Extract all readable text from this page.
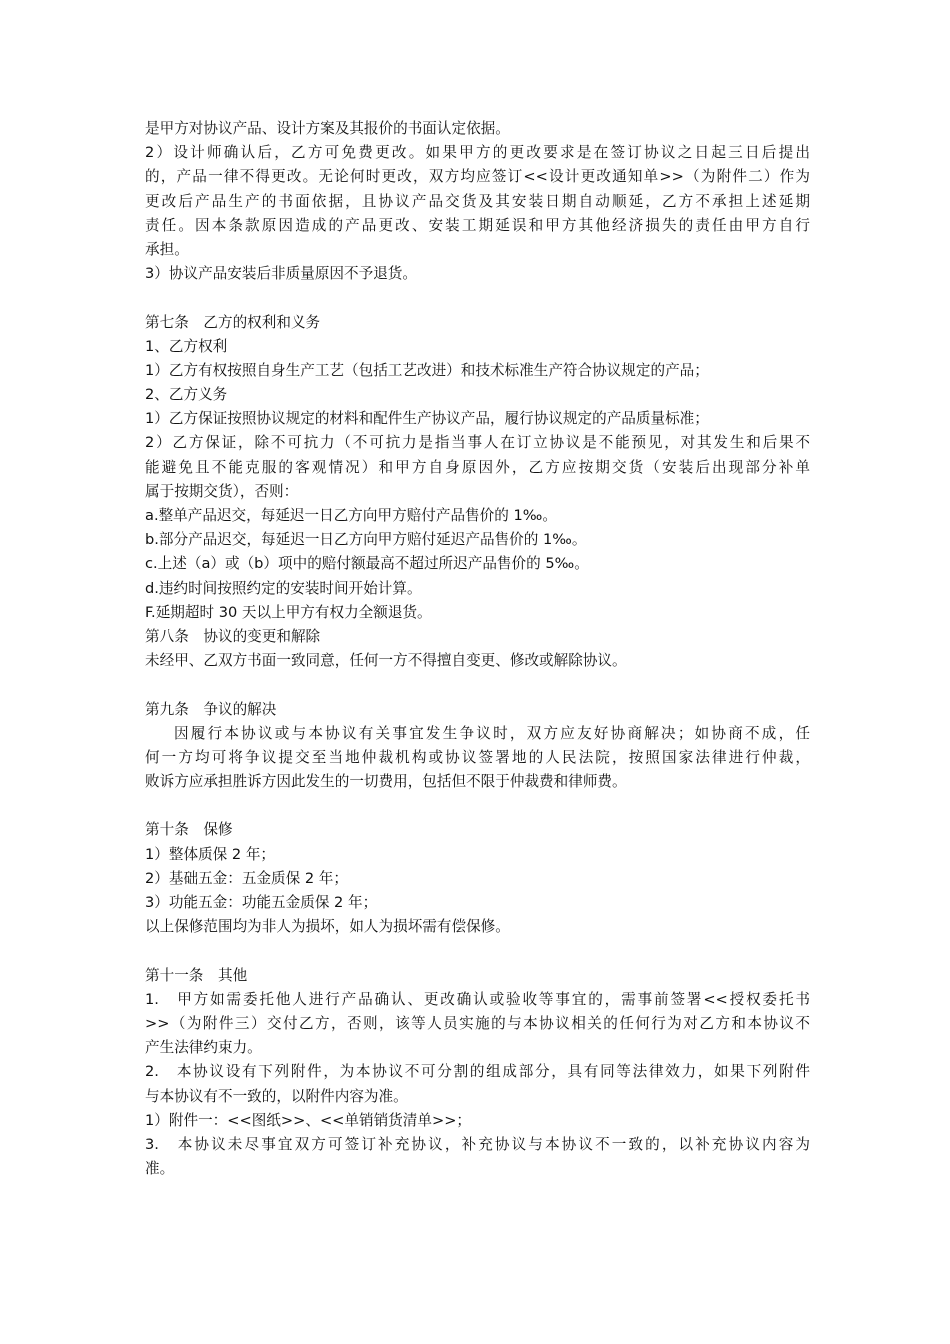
是甲方对协议产品、设计方案及其报价的书面认定依据。
2）设计师确认后，乙方可免费更改。如果甲方的更改要求是在签订协议之日起三日后提出
的，产品一律不得更改。无论何时更改，双方均应签订<<设计更改通知单>>（为附件二）作为
更改后产品生产的书面依据，且协议产品交货及其安装日期自动顺延，乙方不承担上述延期
责任。因本条款原因造成的产品更改、安装工期延误和甲方其他经济损失的责任由甲方自行
承担。
3）协议产品安装后非质量原因不予退货。
第七条　乙方的权利和义务
1、乙方权利
1）乙方有权按照自身生产工艺（包括工艺改进）和技术标准生产符合协议规定的产品；
2、乙方义务
1）乙方保证按照协议规定的材料和配件生产协议产品，履行协议规定的产品质量标准；
2）乙方保证，除不可抗力（不可抗力是指当事人在订立协议是不能预见，对其发生和后果不
能避免且不能克服的客观情况）和甲方自身原因外，乙方应按期交货（安装后出现部分补单
属于按期交货），否则：
a.整单产品迟交，每延迟一日乙方向甲方赔付产品售价的 1‰。
b.部分产品迟交，每延迟一日乙方向甲方赔付延迟产品售价的 1‰。
c.上述（a）或（b）项中的赔付额最高不超过所迟产品售价的 5‰。
d.违约时间按照约定的安装时间开始计算。
F.延期超时 30 天以上甲方有权力全额退货。
第八条　协议的变更和解除
未经甲、乙双方书面一致同意，任何一方不得擅自变更、修改或解除协议。
第九条　争议的解决
因履行本协议或与本协议有关事宜发生争议时，双方应友好协商解决；如协商不成，任
何一方均可将争议提交至当地仲裁机构或协议签署地的人民法院，按照国家法律进行仲裁，
败诉方应承担胜诉方因此发生的一切费用，包括但不限于仲裁费和律师费。
第十条　保修
1）整体质保 2 年；
2）基础五金：五金质保 2 年；
3）功能五金：功能五金质保 2 年；
以上保修范围均为非人为损坏，如人为损坏需有偿保修。
第十一条　其他
1.　甲方如需委托他人进行产品确认、更改确认或验收等事宜的，需事前签署<<授权委托书
>>（为附件三）交付乙方，否则，该等人员实施的与本协议相关的任何行为对乙方和本协议不
产生法律约束力。
2.　本协议设有下列附件，为本协议不可分割的组成部分，具有同等法律效力，如果下列附件
与本协议有不一致的，以附件内容为准。
1）附件一：<<图纸>>、<<单销销货清单>>；
3.　本协议未尽事宜双方可签订补充协议，补充协议与本协议不一致的，以补充协议内容为
准。
